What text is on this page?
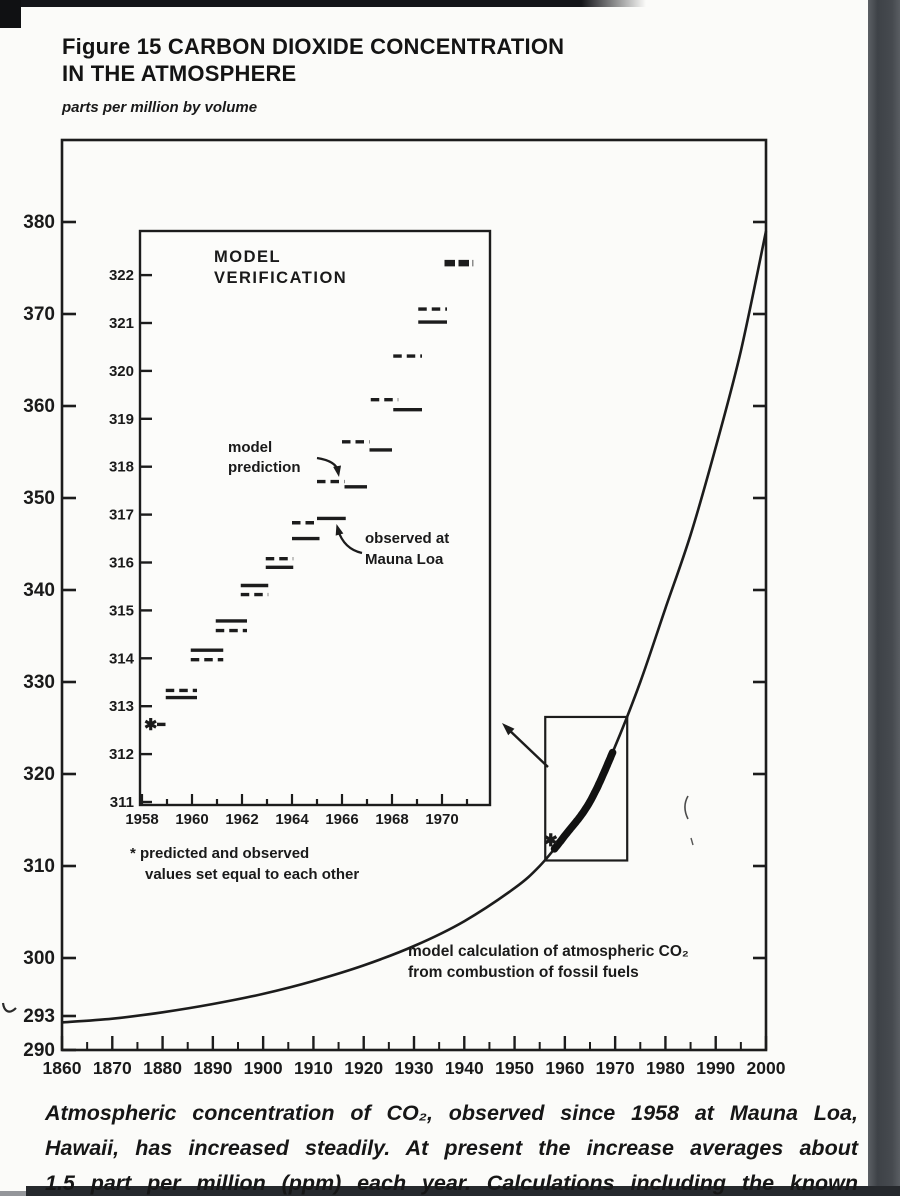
Figure 15 CARBON DIOXIDE CONCENTRATION
IN THE ATMOSPHERE
parts per million by volume
380
370
360
350
340
330
320
310
300
293
290
1860 1870 1880 1890 1900 1910 1920 1930 1940 1950 1960 1970 1980 1990 2000
✱
model calculation of atmospheric CO₂
from combustion of fossil fuels
311
312
313
314
315
316
317
318
319
320
321
322
1958 1960 1962 1964 1966 1968 1970
MODEL
VERIFICATION
✱
model
prediction
observed at
Mauna Loa
* predicted and observed
values set equal to each other
Atmospheric concentration of CO₂, observed since 1958 at Mauna Loa,
Hawaii, has increased steadily. At present the increase averages about
1.5 part per million (ppm) each year. Calculations including the known
